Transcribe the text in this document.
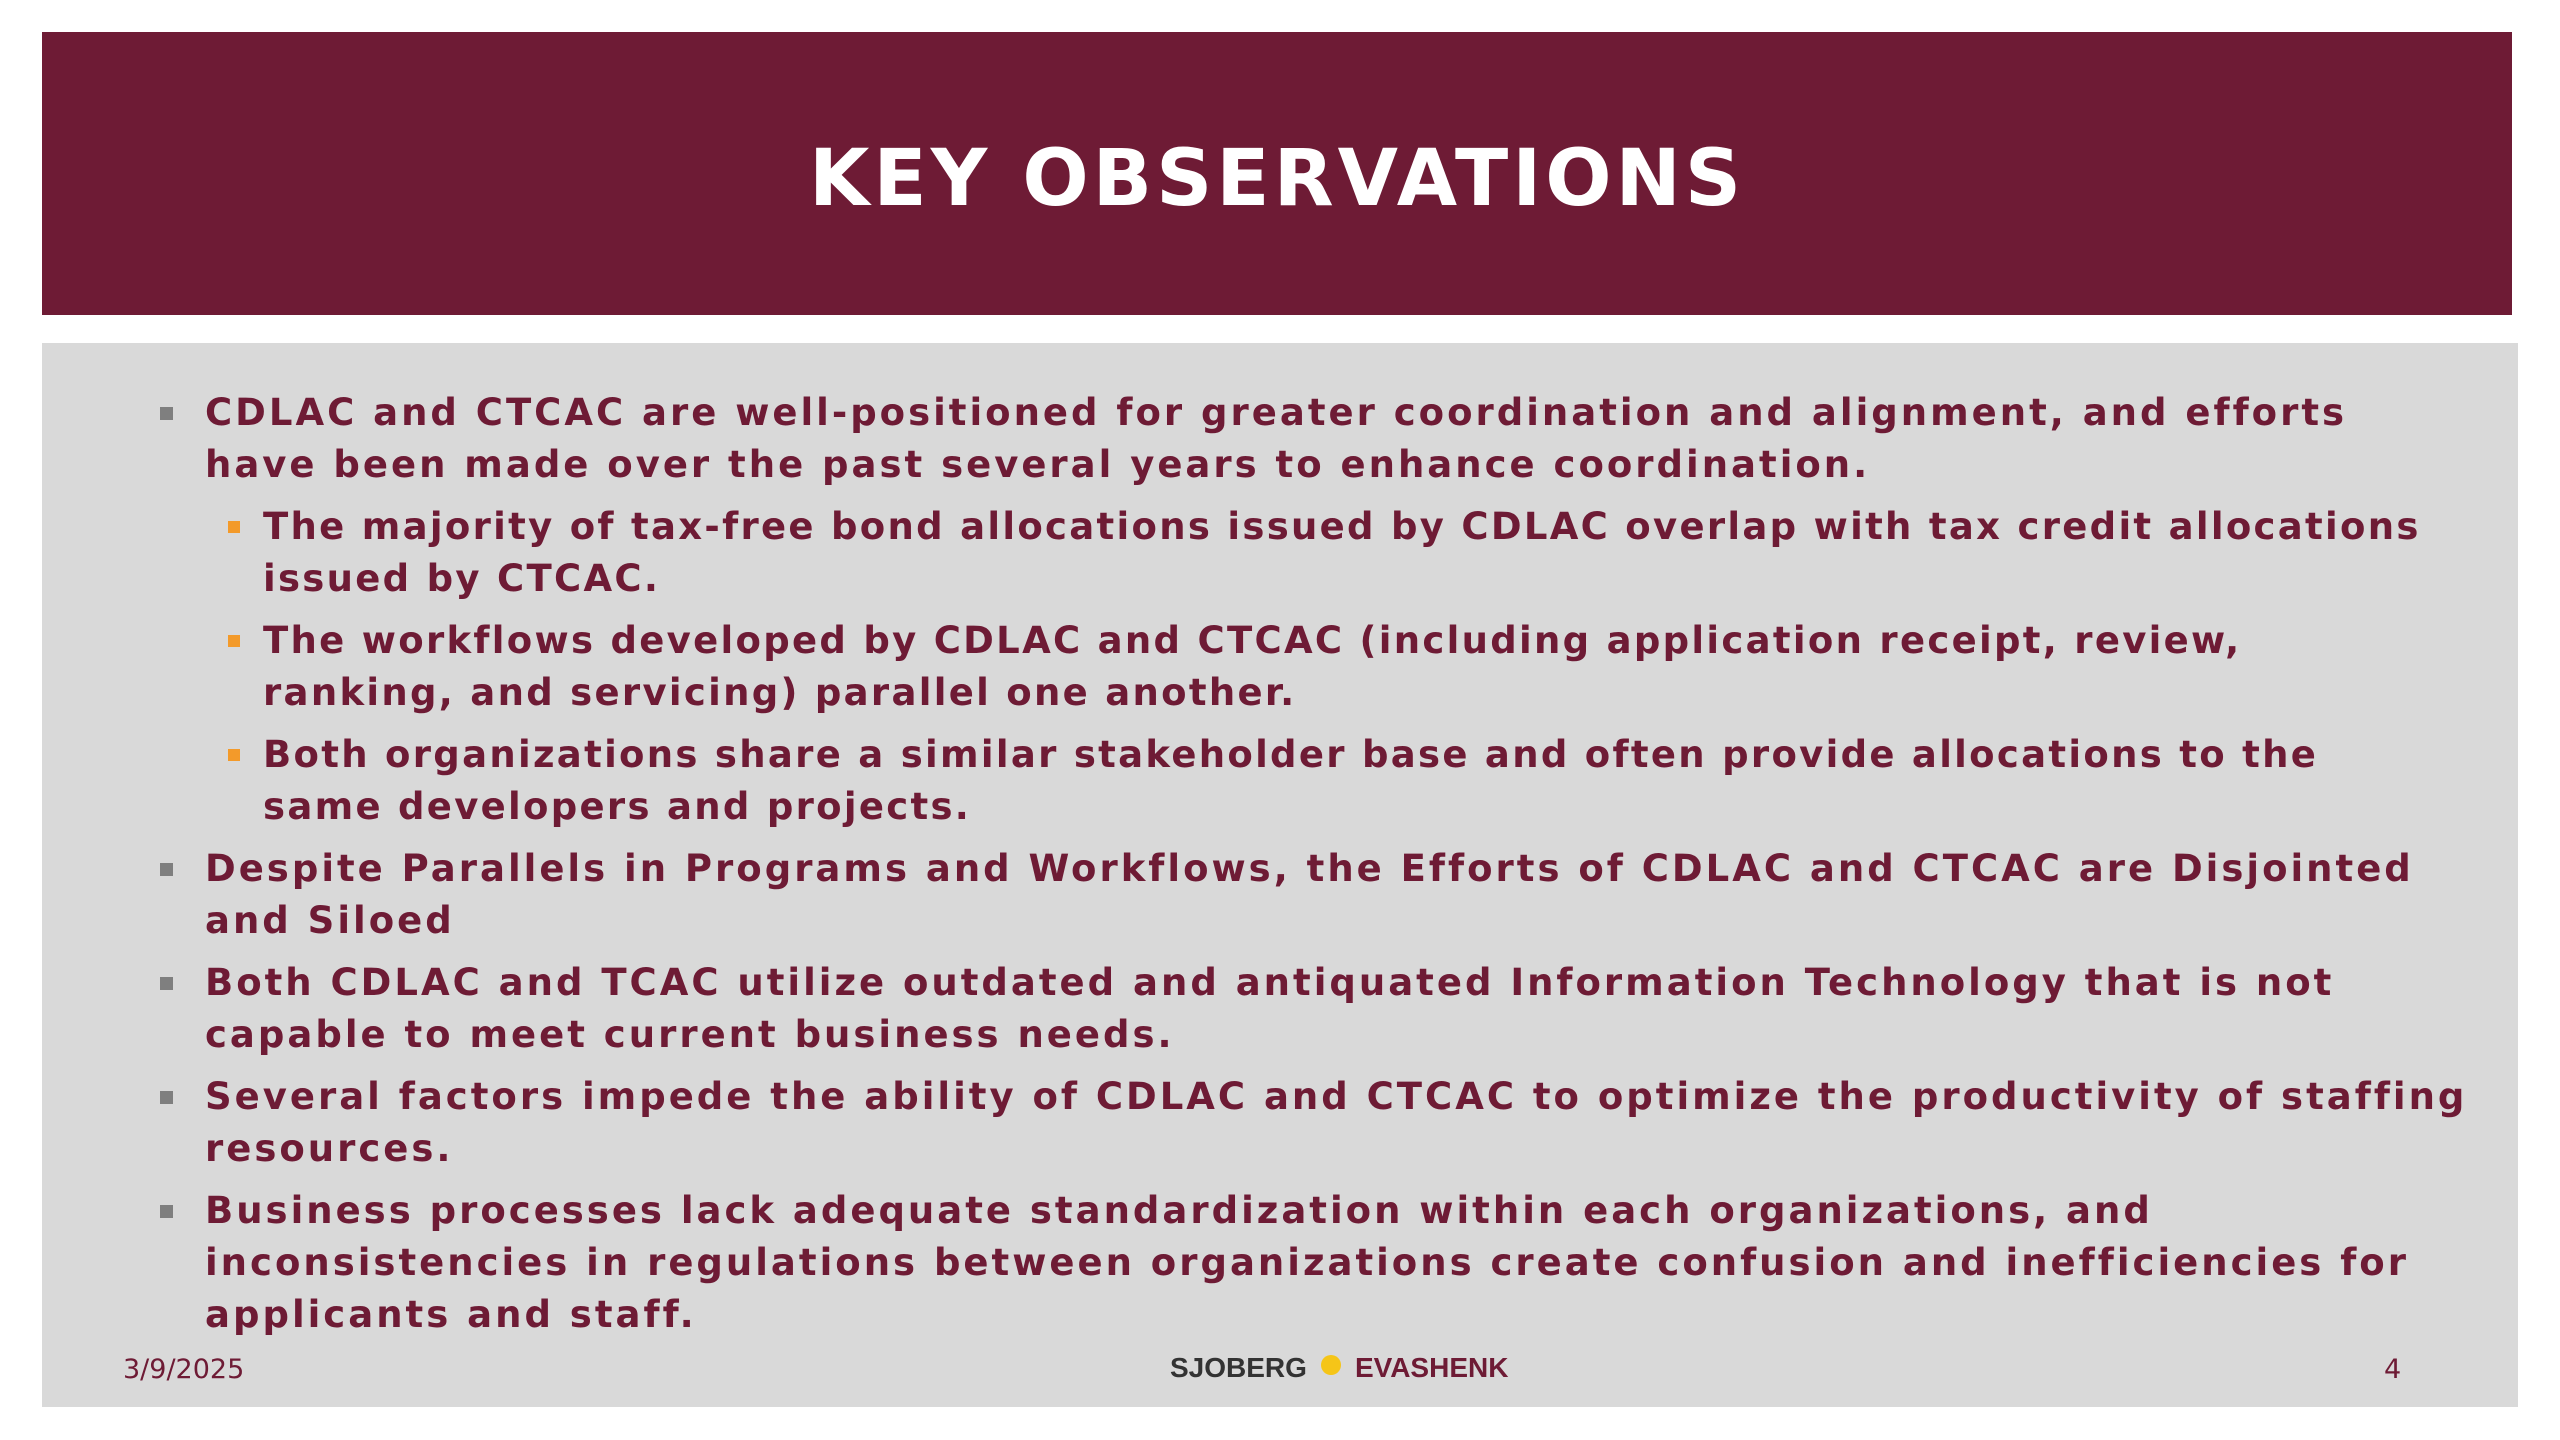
KEY OBSERVATIONS
CDLAC and CTCAC are well-positioned for greater coordination and alignment, and efforts have been made over the past several years to enhance coordination.
The majority of tax-free bond allocations issued by CDLAC overlap with tax credit allocations issued by CTCAC.
The workflows developed by CDLAC and CTCAC (including application receipt, review, ranking, and servicing) parallel one another.
Both organizations share a similar stakeholder base and often provide allocations to the same developers and projects.
Despite Parallels in Programs and Workflows, the Efforts of CDLAC and CTCAC are Disjointed and Siloed
Both CDLAC and TCAC utilize outdated and antiquated Information Technology that is not capable to meet current business needs.
Several factors impede the ability of CDLAC and CTCAC to optimize the productivity of staffing resources.
Business processes lack adequate standardization within each organizations, and inconsistencies in regulations between organizations create confusion and inefficiencies for applicants and staff.
3/9/2025	SJOBERG EVASHENK	4
